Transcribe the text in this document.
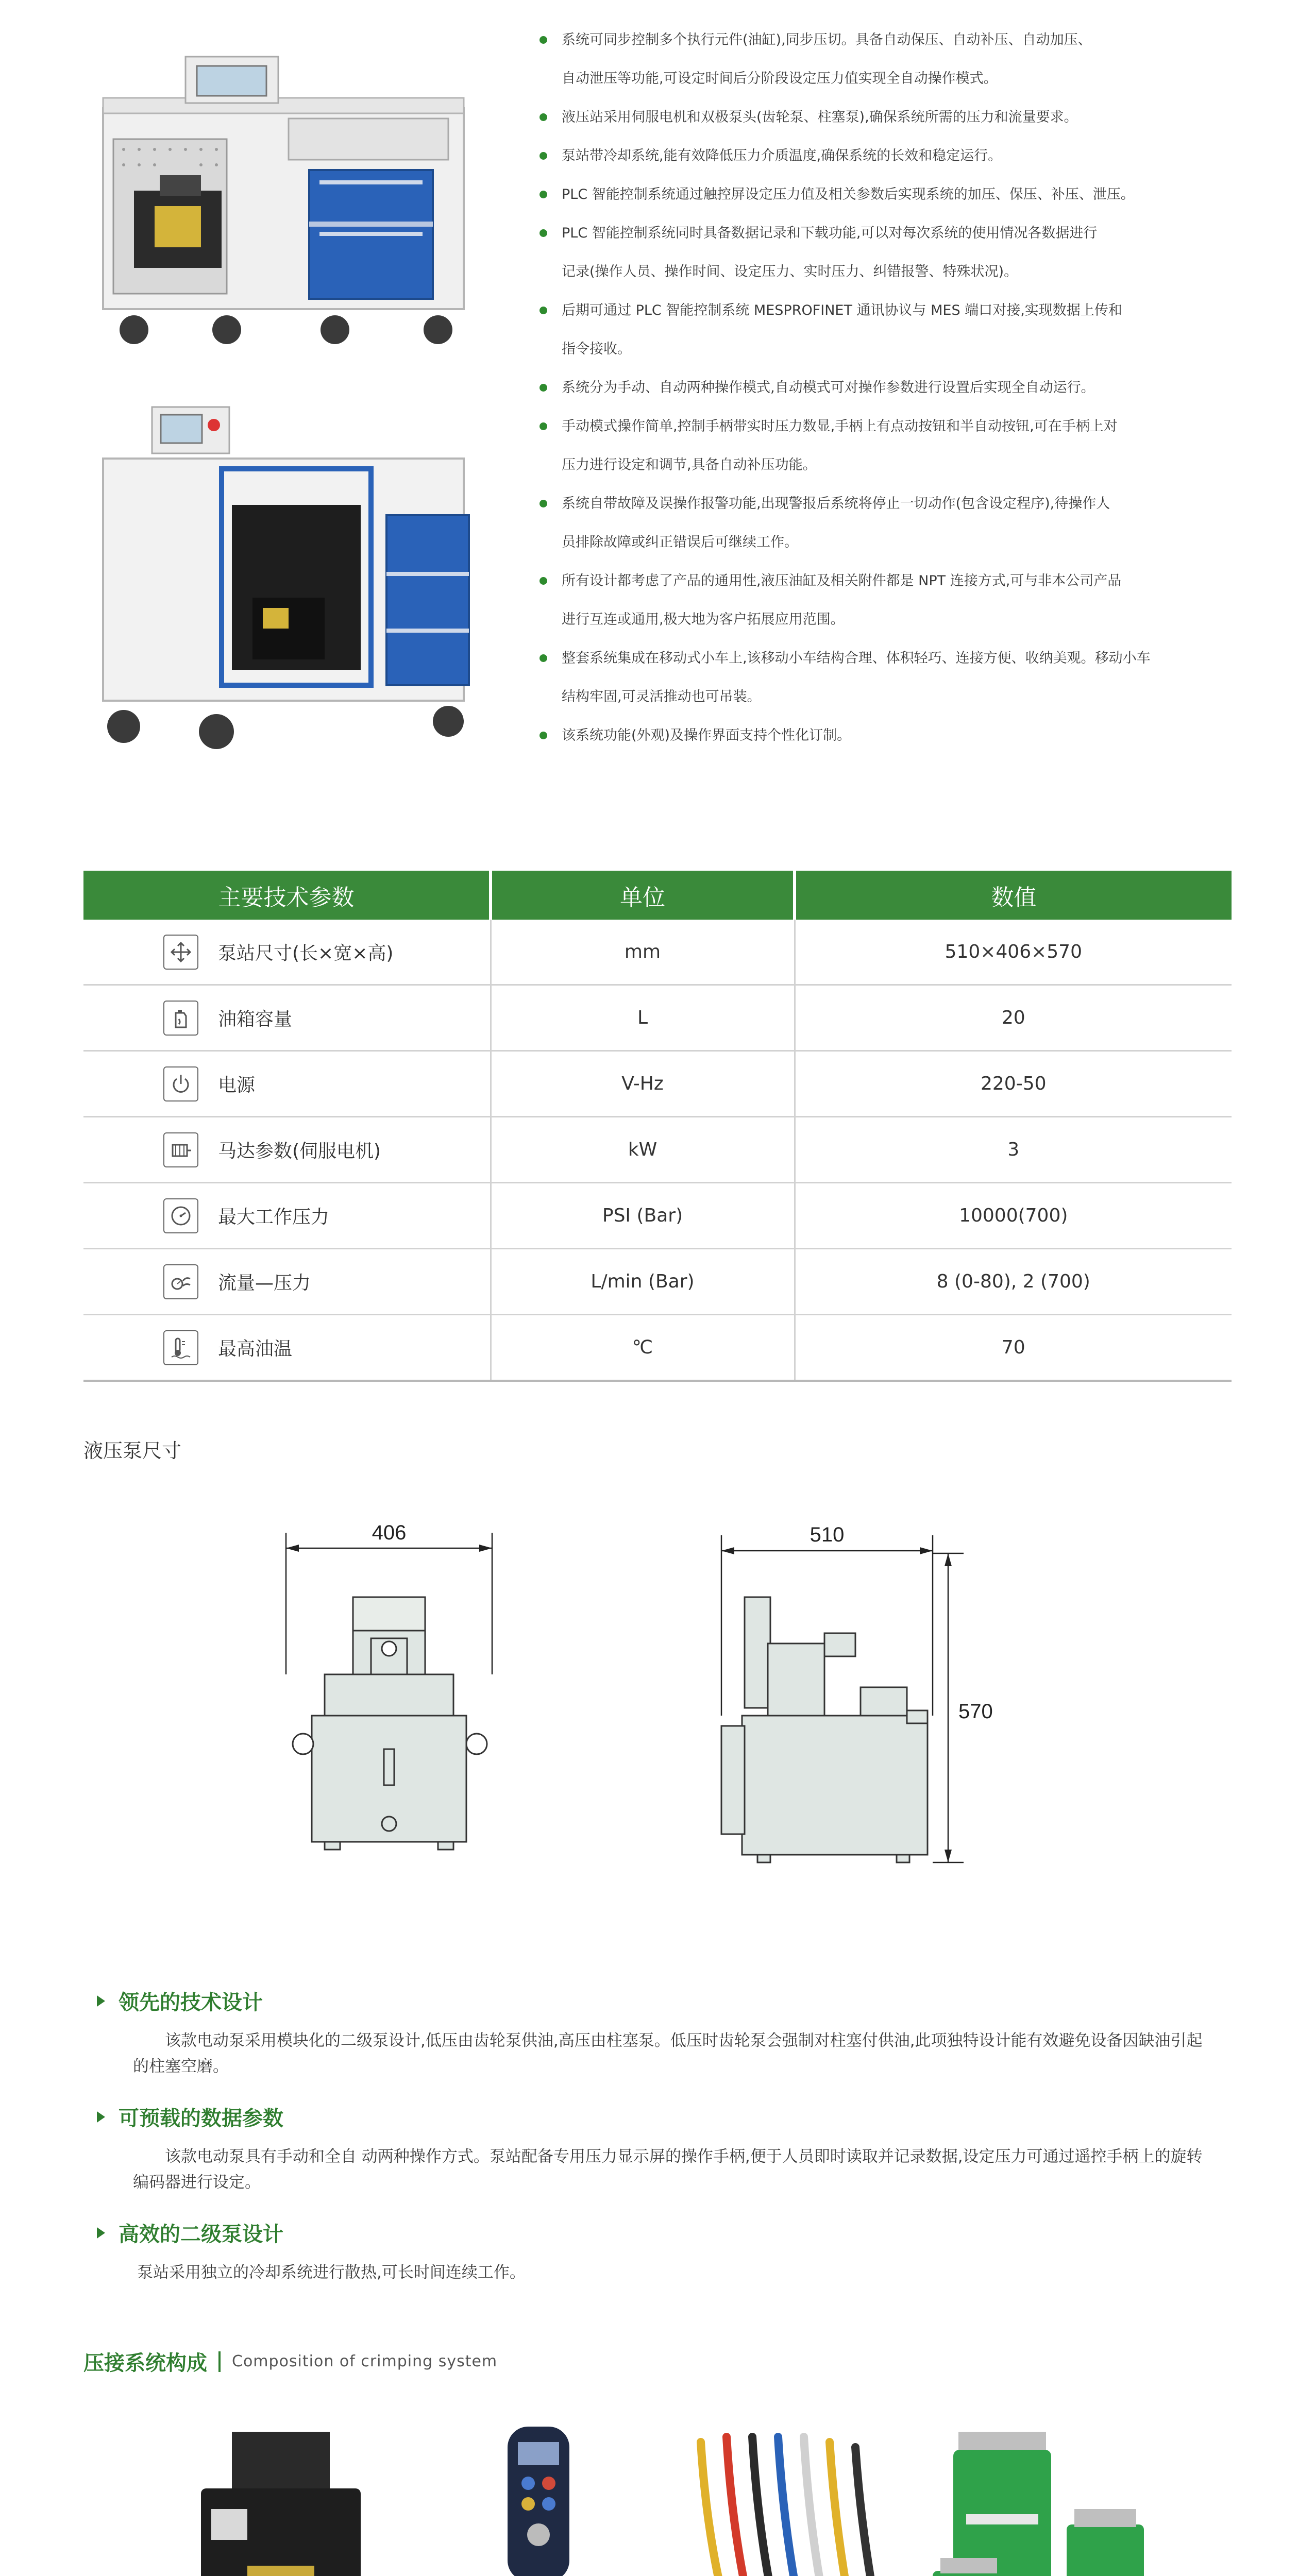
系统可同步控制多个执行元件(油缸),同步压切。具备自动保压、自动补压、自动加压、
自动泄压等功能,可设定时间后分阶段设定压力值实现全自动操作模式。
液压站采用伺服电机和双极泵头(齿轮泵、柱塞泵),确保系统所需的压力和流量要求。
泵站带冷却系统,能有效降低压力介质温度,确保系统的长效和稳定运行。
PLC 智能控制系统通过触控屏设定压力值及相关参数后实现系统的加压、保压、补压、泄压。
PLC 智能控制系统同时具备数据记录和下载功能,可以对每次系统的使用情况各数据进行
记录(操作人员、操作时间、设定压力、实时压力、纠错报警、特殊状况)。
后期可通过 PLC 智能控制系统 MESPROFINET 通讯协议与 MES 端口对接,实现数据上传和
指令接收。
系统分为手动、自动两种操作模式,自动模式可对操作参数进行设置后实现全自动运行。
手动模式操作简单,控制手柄带实时压力数显,手柄上有点动按钮和半自动按钮,可在手柄上对
压力进行设定和调节,具备自动补压功能。
系统自带故障及误操作报警功能,出现警报后系统将停止一切动作(包含设定程序),待操作人
员排除故障或纠正错误后可继续工作。
所有设计都考虑了产品的通用性,液压油缸及相关附件都是 NPT 连接方式,可与非本公司产品
进行互连或通用,极大地为客户拓展应用范围。
整套系统集成在移动式小车上,该移动小车结构合理、体积轻巧、连接方便、收纳美观。移动小车
结构牢固,可灵活推动也可吊装。
该系统功能(外观)及操作界面支持个性化订制。
主要技术参数	单位	数值

泵站尺寸(长×宽×高)	mm	510×406×570

油箱容量	L	20

电源	V-Hz	220-50

马达参数(伺服电机)	kW	3

最大工作压力	PSI (Bar)	10000(700)

流量—压力	L/min (Bar)	8 (0-80), 2 (700)

最高油温	℃	70
液压泵尺寸
406	510
570
领先的技术设计
该款电动泵采用模块化的二级泵设计,低压由齿轮泵供油,高压由柱塞泵。低压时齿轮泵会强制对柱塞付供油,此项独特设计能有效避免设备因缺油引起的柱塞空磨。
可预载的数据参数
该款电动泵具有手动和全自 动两种操作方式。泵站配备专用压力显示屏的操作手柄,便于人员即时读取并记录数据,设定压力可通过遥控手柄上的旋转编码器进行设定。
高效的二级泵设计
泵站采用独立的冷却系统进行散热,可长时间连续工作。
压接系统构成 Composition of crimping system
